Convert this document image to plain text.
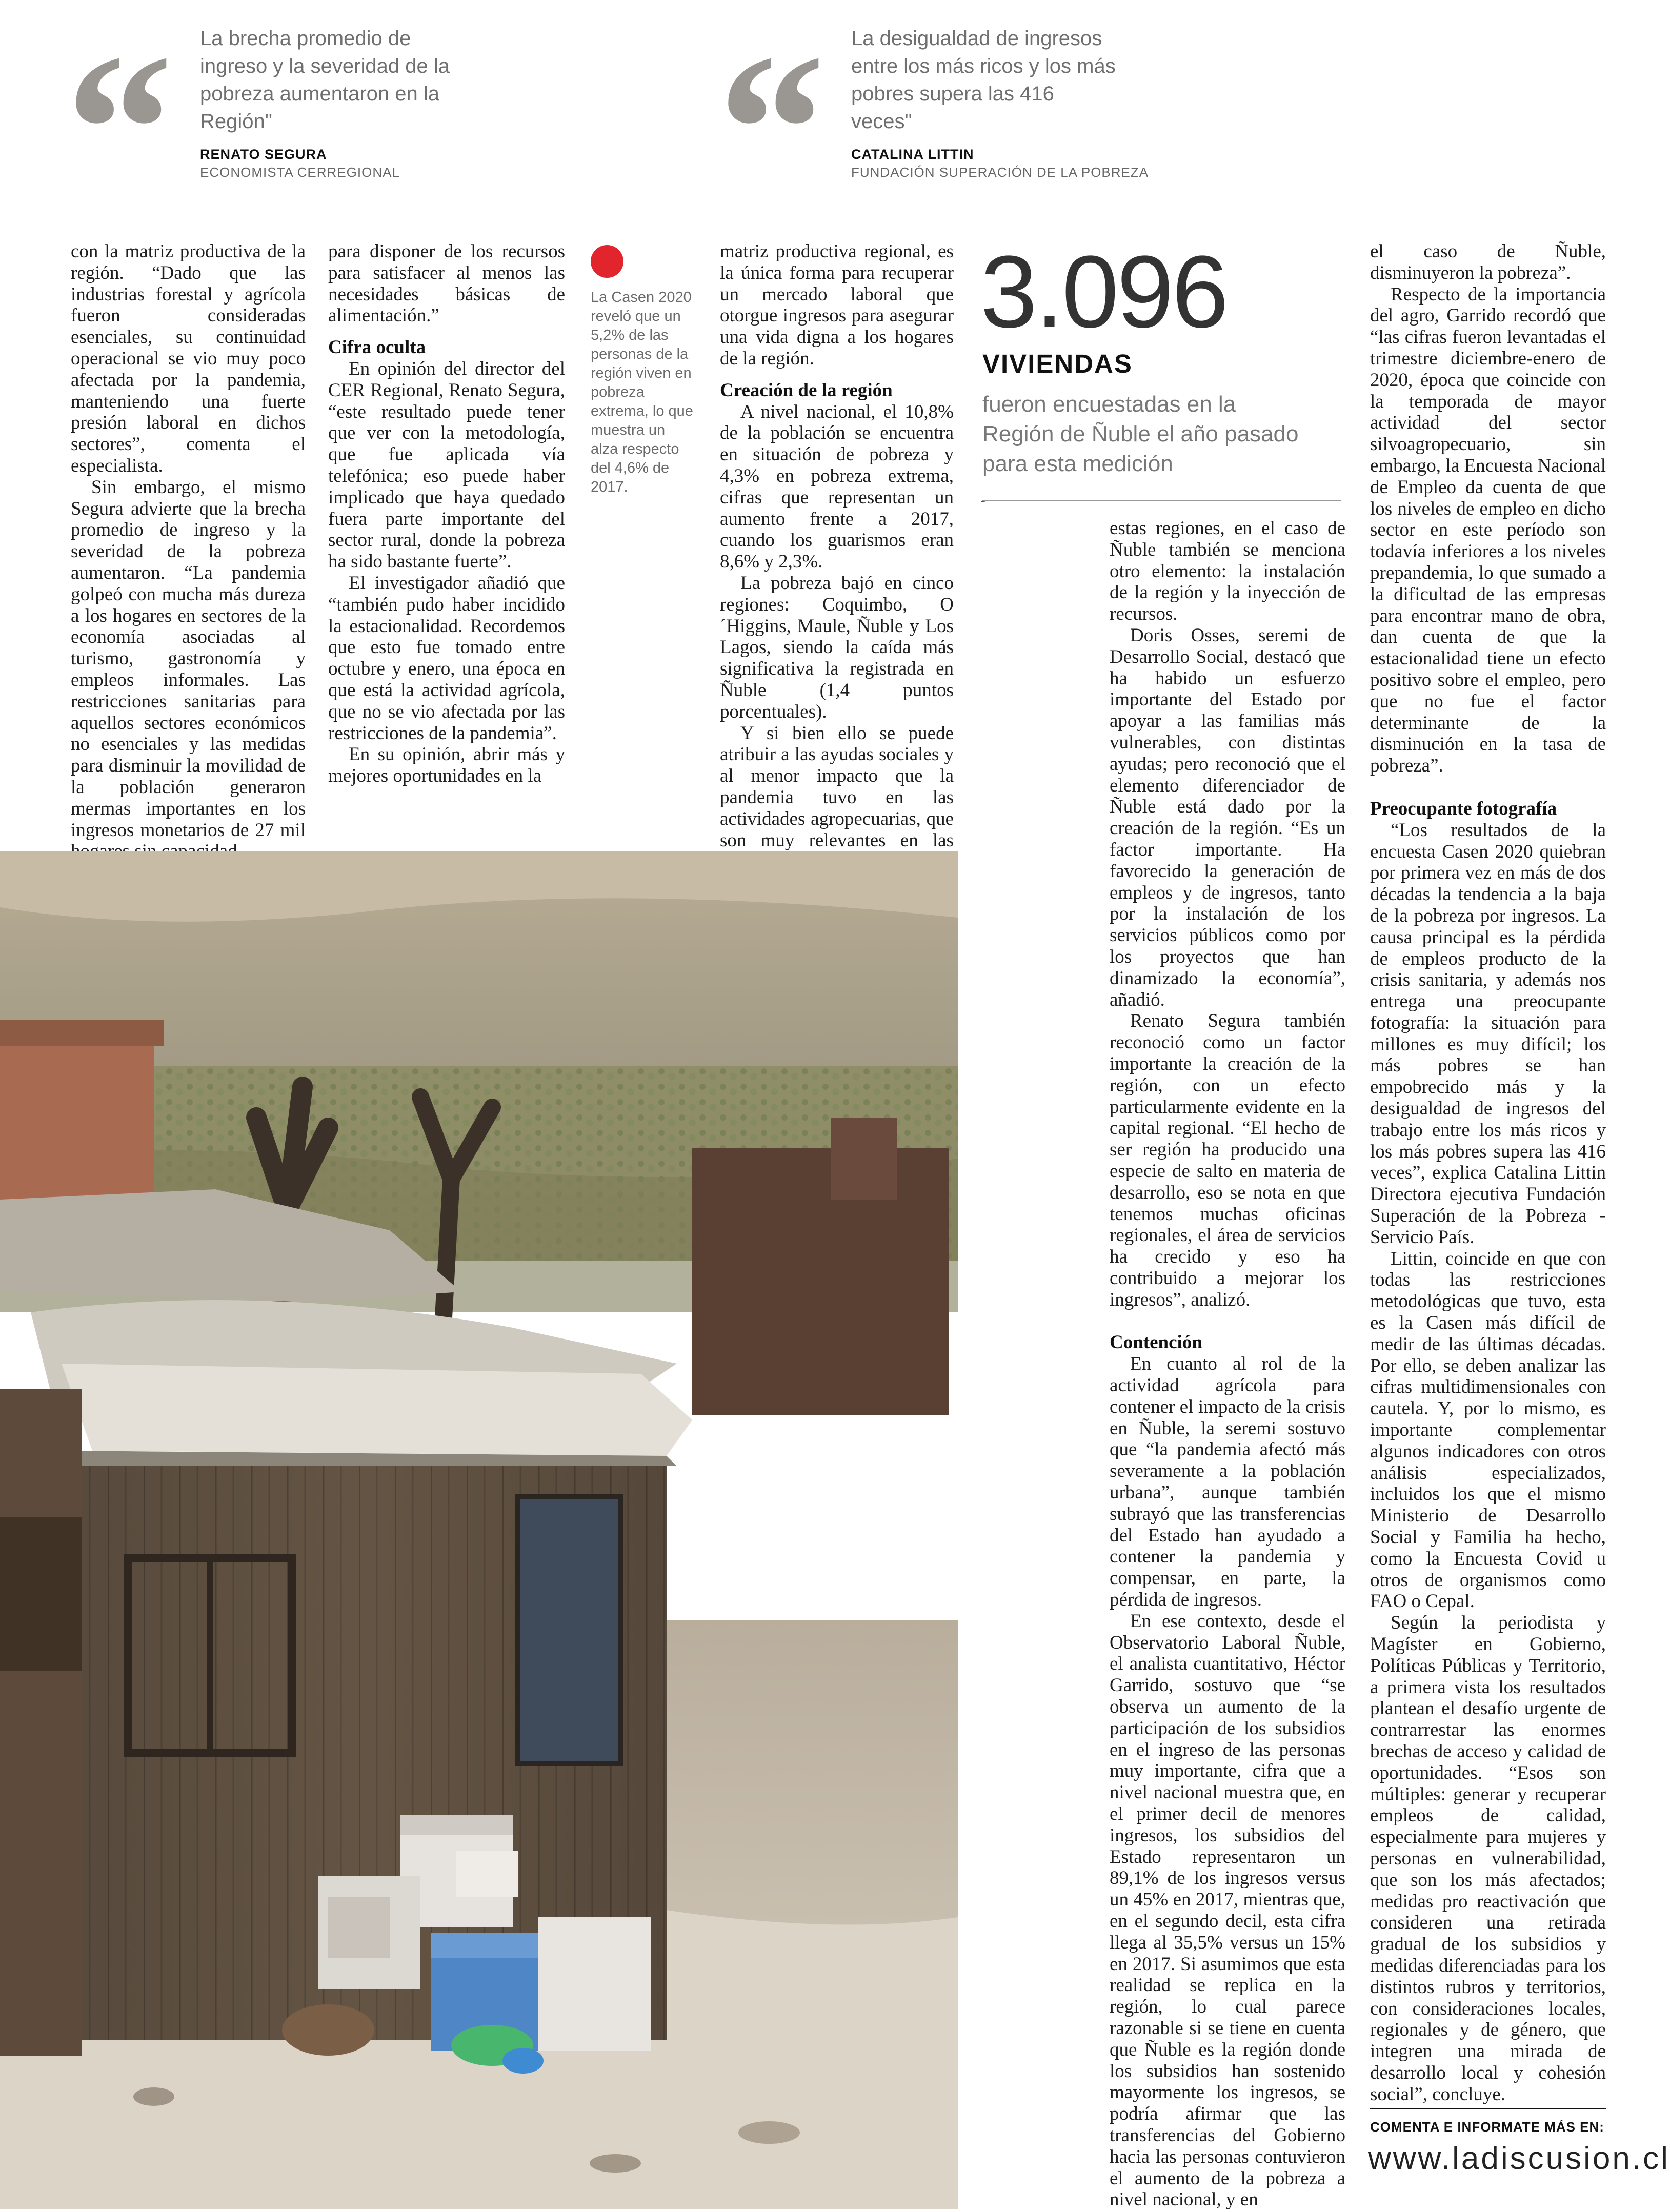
“ La brecha promedio de ingreso y la severidad de la pobreza aumentaron en la Región"
RENATO SEGURA
ECONOMISTA CERREGIONAL “ La desigualdad de ingresos entre los más ricos y los más pobres supera las 416 veces"
CATALINA LITTIN
FUNDACIÓN SUPERACIÓN DE LA POBREZA

con la matriz productiva de la región. “Dado que las industrias forestal y agrícola fueron consideradas esenciales, su continuidad operacional se vio muy poco afectada por la pandemia, manteniendo una fuerte presión laboral en dichos sectores”, comenta el especialista.

Sin embargo, el mismo Segura advierte que la brecha promedio de ingreso y la severidad de la pobreza aumentaron. “La pandemia golpeó con mucha más dureza a los hogares en sectores de la economía asociadas al turismo, gastronomía y empleos informales. Las restricciones sanitarias para aquellos sectores económicos no esenciales y las medidas para disminuir la movilidad de la población generaron mermas importantes en los ingresos monetarios de 27 mil

para disponer de los recursos para satisfacer al menos las necesidades básicas de alimentación.”

Cifra oculta

En opinión del director del CER Regional, Renato Segura, “este resultado puede tener que ver con la metodología, que fue aplicada vía telefónica; eso puede haber implicado que haya quedado fuera parte importante del sector rural, donde la pobreza ha sido bastante fuerte”.

El investigador añadió que “también pudo haber incidido la estacionalidad. Recordemos que esto fue tomado entre octubre y enero, una época en que está la actividad agrícola, que no se vio afectada por las restricciones de la pandemia”.

En su opinión, abrir más y mejores oportunidades en la

La Casen 2020 reveló que un 5,2% de las personas de la región viven en pobreza extrema, lo que muestra un alza respecto del 4,6% de 2017.

matriz productiva regional, es la única forma para recuperar un mercado laboral que otorgue ingresos para asegurar una vida digna a los hogares de la región.

Creación de la región

A nivel nacional, el 10,8% de la población se encuentra en situación de pobreza y 4,3% en pobreza extrema, cifras que representan un aumento frente a 2017, cuando los guarismos eran 8,6% y 2,3%.

La pobreza bajó en cinco regiones: Coquimbo, O´Higgins, Maule, Ñuble y Los Lagos, siendo la caída más significativa la registrada en Ñuble (1,4 puntos porcentuales).

Y si bien ello se puede atribuir a las ayudas sociales y al menor impacto que la pandemia tuvo en las actividades agropecuarias, que son muy relevantes en las

3.096
VIVIENDAS
fueron encuestadas en la Región de Ñuble el año pasado para esta medición
-

estas regiones, en el caso de Ñuble también se menciona otro elemento: la instalación de la región y la inyección de recursos.

Doris Osses, seremi de Desarrollo Social, destacó que ha habido un esfuerzo importante del Estado por apoyar a las familias más vulnerables, con distintas ayudas; pero reconoció que el elemento diferenciador de Ñuble está dado por la creación de la región. “Es un factor importante. Ha favorecido la generación de empleos y de ingresos, tanto por la instalación de los servicios públicos como por los proyectos que han dinamizado la economía”, añadió.

Renato Segura también reconoció como un factor importante la creación de la región, con un efecto particularmente evidente en la capital regional. “El hecho de ser región ha producido una especie de salto en materia de desarrollo, eso se nota en que tenemos muchas oficinas regionales, el área de servicios ha crecido y eso ha contribuido a mejorar los ingresos”, analizó.

Contención

En cuanto al rol de la actividad agrícola para contener el impacto de la crisis en Ñuble, la seremi sostuvo que “la pandemia afectó más severamente a la población urbana”, aunque también subrayó que las transferencias del Estado han ayudado a contener la pandemia y compensar, en parte, la pérdida de ingresos.

En ese contexto, desde el Observatorio Laboral Ñuble, el analista cuantitativo, Héctor Garrido, sostuvo que “se observa un aumento de la participación de los subsidios en el ingreso de las personas muy importante, cifra que a nivel nacional muestra que, en el primer decil de menores ingresos, los subsidios del Estado representaron un 89,1% de los ingresos versus un 45% en 2017, mientras que, en el segundo decil, esta cifra llega al 35,5% versus un 15% en 2017. Si asumimos que esta realidad se replica en la región, lo cual parece razonable si se tiene en cuenta que Ñuble es la región donde los subsidios han sostenido mayormente los ingresos, se podría afirmar que las transferencias del Gobierno hacia las personas contuvieron el aumento de la pobreza a nivel nacional, y en

el caso de Ñuble, disminuyeron la pobreza”.

Respecto de la importancia del agro, Garrido recordó que “las cifras fueron levantadas el trimestre diciembre-enero de 2020, época que coincide con la temporada de mayor actividad del sector silvoagropecuario, sin embargo, la Encuesta Nacional de Empleo da cuenta de que los niveles de empleo en dicho sector en este período son todavía inferiores a los niveles prepandemia, lo que sumado a la dificultad de las empresas para encontrar mano de obra, dan cuenta de que la estacionalidad tiene un efecto positivo sobre el empleo, pero que no fue el factor determinante de la disminución en la tasa de pobreza”.

Preocupante fotografía

“Los resultados de la encuesta Casen 2020 quiebran por primera vez en más de dos décadas la tendencia a la baja de la pobreza por ingresos. La causa principal es la pérdida de empleos producto de la crisis sanitaria, y además nos entrega una preocupante fotografía: la situación para millones es muy difícil; los más pobres se han empobrecido más y la desigualdad de ingresos del trabajo entre los más ricos y los más pobres supera las 416 veces”, explica Catalina Littin Directora ejecutiva Fundación Superación de la Pobreza - Servicio País.

Littin, coincide en que con todas las restricciones metodológicas que tuvo, esta es la Casen más difícil de medir de las últimas décadas. Por ello, se deben analizar las cifras multidimensionales con cautela. Y, por lo mismo, es importante complementar algunos indicadores con otros análisis especializados, incluidos los que el mismo Ministerio de Desarrollo Social y Familia ha hecho, como la Encuesta Covid u otros de organismos como FAO o Cepal.

Según la periodista y Magíster en Gobierno, Políticas Públicas y Territorio, a primera vista los resultados plantean el desafío urgente de contrarrestar las enormes brechas de acceso y calidad de oportunidades. “Esos son múltiples: generar y recuperar empleos de calidad, especialmente para mujeres y personas en vulnerabilidad, que son los más afectados; medidas pro reactivación que consideren una retirada gradual de los subsidios y medidas diferenciadas para los distintos rubros y territorios, con consideraciones locales, regionales y de género, que integren una mirada de desarrollo local y cohesión social”, concluye.

COMENTA E INFORMATE MÁS EN:
www.ladiscusion.cl
